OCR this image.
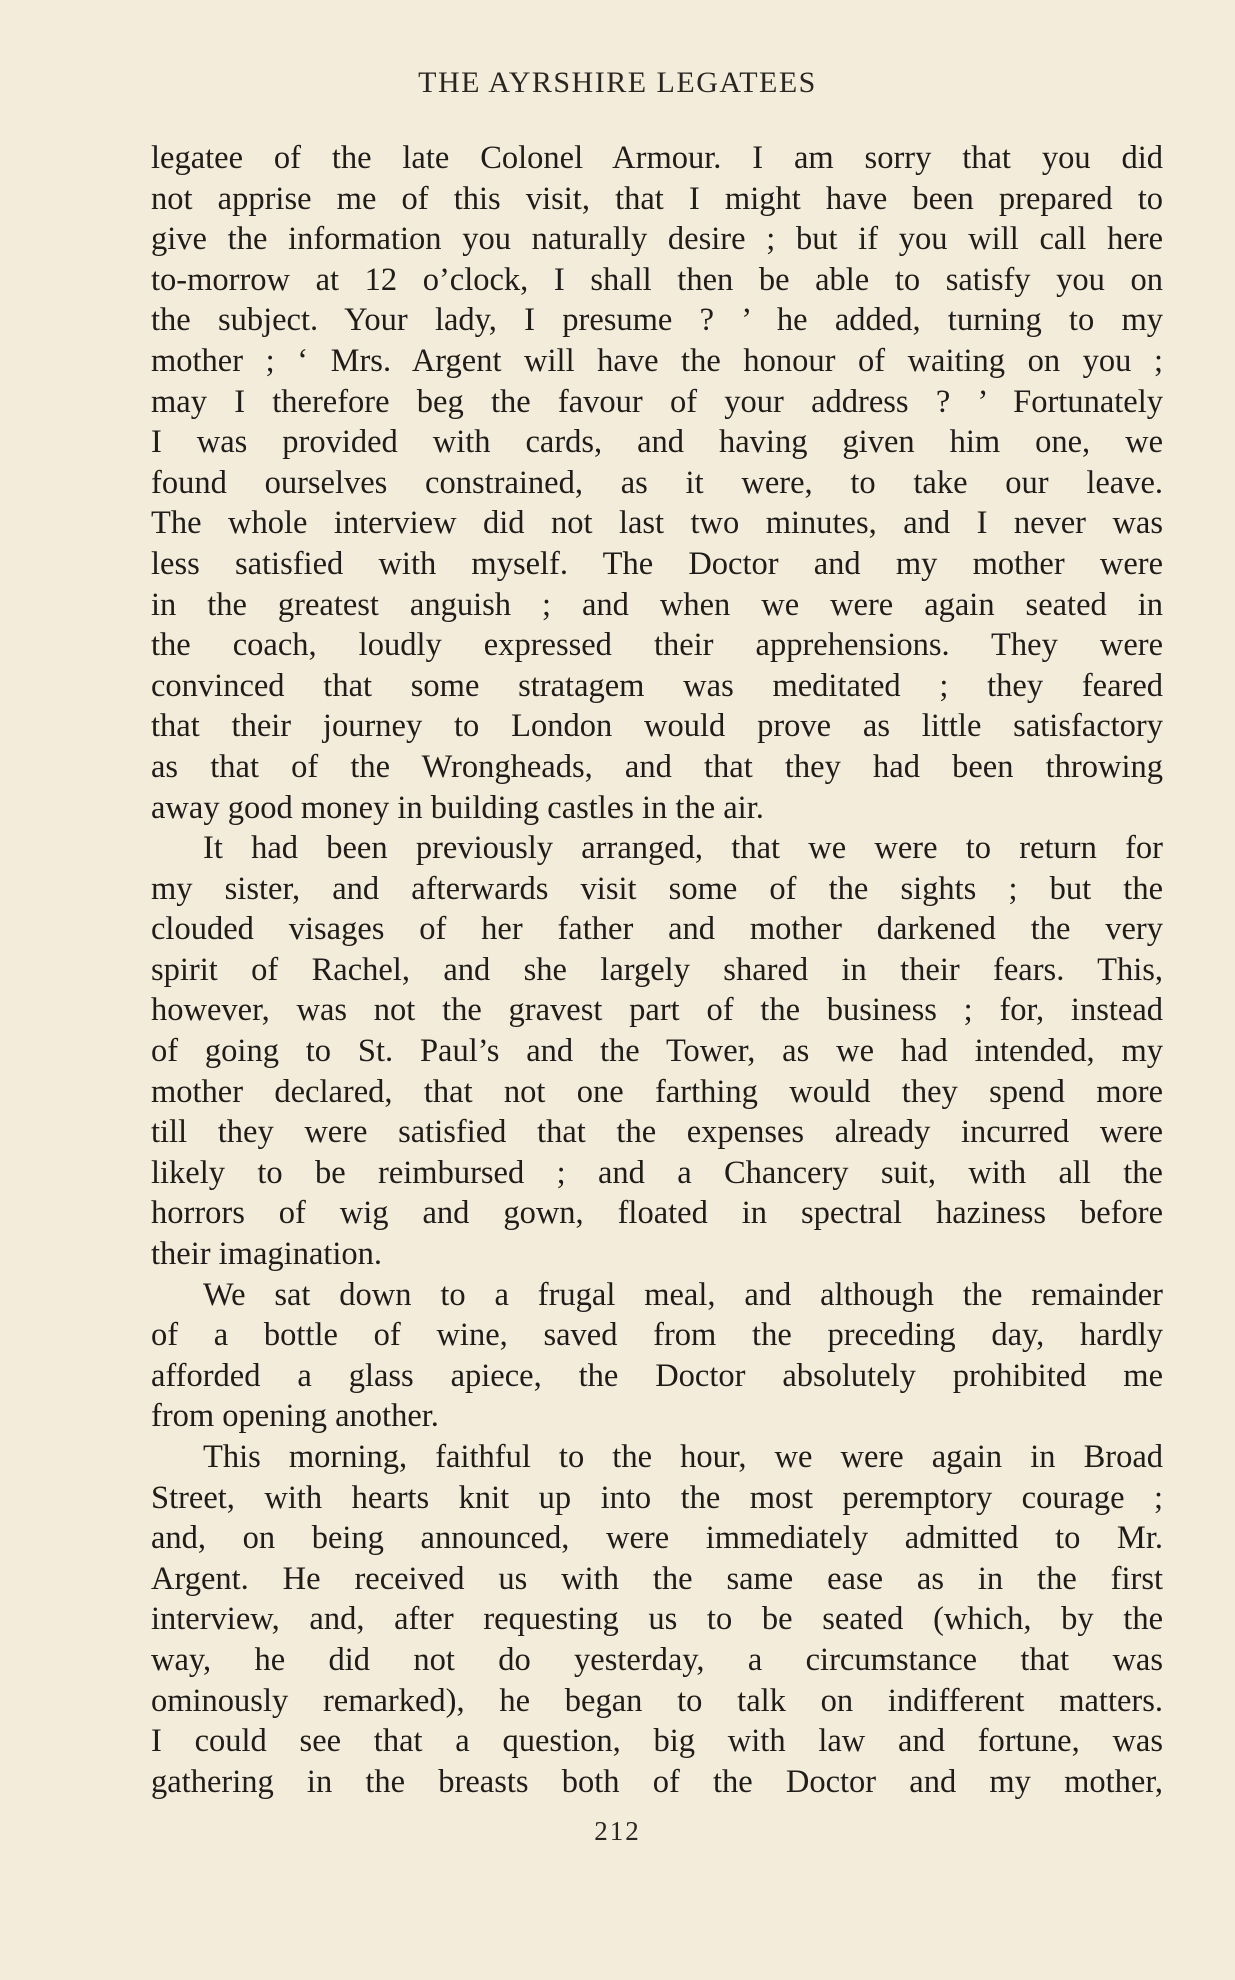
THE AYRSHIRE LEGATEES
legatee of the late Colonel Armour. I am sorry that you did
not apprise me of this visit, that I might have been prepared to
give the information you naturally desire ; but if you will call here
to-morrow at 12 o’clock, I shall then be able to satisfy you on
the subject. Your lady, I presume ? ’ he added, turning to my
mother ; ‘ Mrs. Argent will have the honour of waiting on you ;
may I therefore beg the favour of your address ? ’ Fortunately
I was provided with cards, and having given him one, we
found ourselves constrained, as it were, to take our leave.
The whole interview did not last two minutes, and I never was
less satisfied with myself. The Doctor and my mother were
in the greatest anguish ; and when we were again seated in
the coach, loudly expressed their apprehensions. They were
convinced that some stratagem was meditated ; they feared
that their journey to London would prove as little satisfactory
as that of the Wrongheads, and that they had been throwing
away good money in building castles in the air.
It had been previously arranged, that we were to return for
my sister, and afterwards visit some of the sights ; but the
clouded visages of her father and mother darkened the very
spirit of Rachel, and she largely shared in their fears. This,
however, was not the gravest part of the business ; for, instead
of going to St. Paul’s and the Tower, as we had intended, my
mother declared, that not one farthing would they spend more
till they were satisfied that the expenses already incurred were
likely to be reimbursed ; and a Chancery suit, with all the
horrors of wig and gown, floated in spectral haziness before
their imagination.
We sat down to a frugal meal, and although the remainder
of a bottle of wine, saved from the preceding day, hardly
afforded a glass apiece, the Doctor absolutely prohibited me
from opening another.
This morning, faithful to the hour, we were again in Broad
Street, with hearts knit up into the most peremptory courage ;
and, on being announced, were immediately admitted to Mr.
Argent. He received us with the same ease as in the first
interview, and, after requesting us to be seated (which, by the
way, he did not do yesterday, a circumstance that was
ominously remarked), he began to talk on indifferent matters.
I could see that a question, big with law and fortune, was
gathering in the breasts both of the Doctor and my mother,
212
